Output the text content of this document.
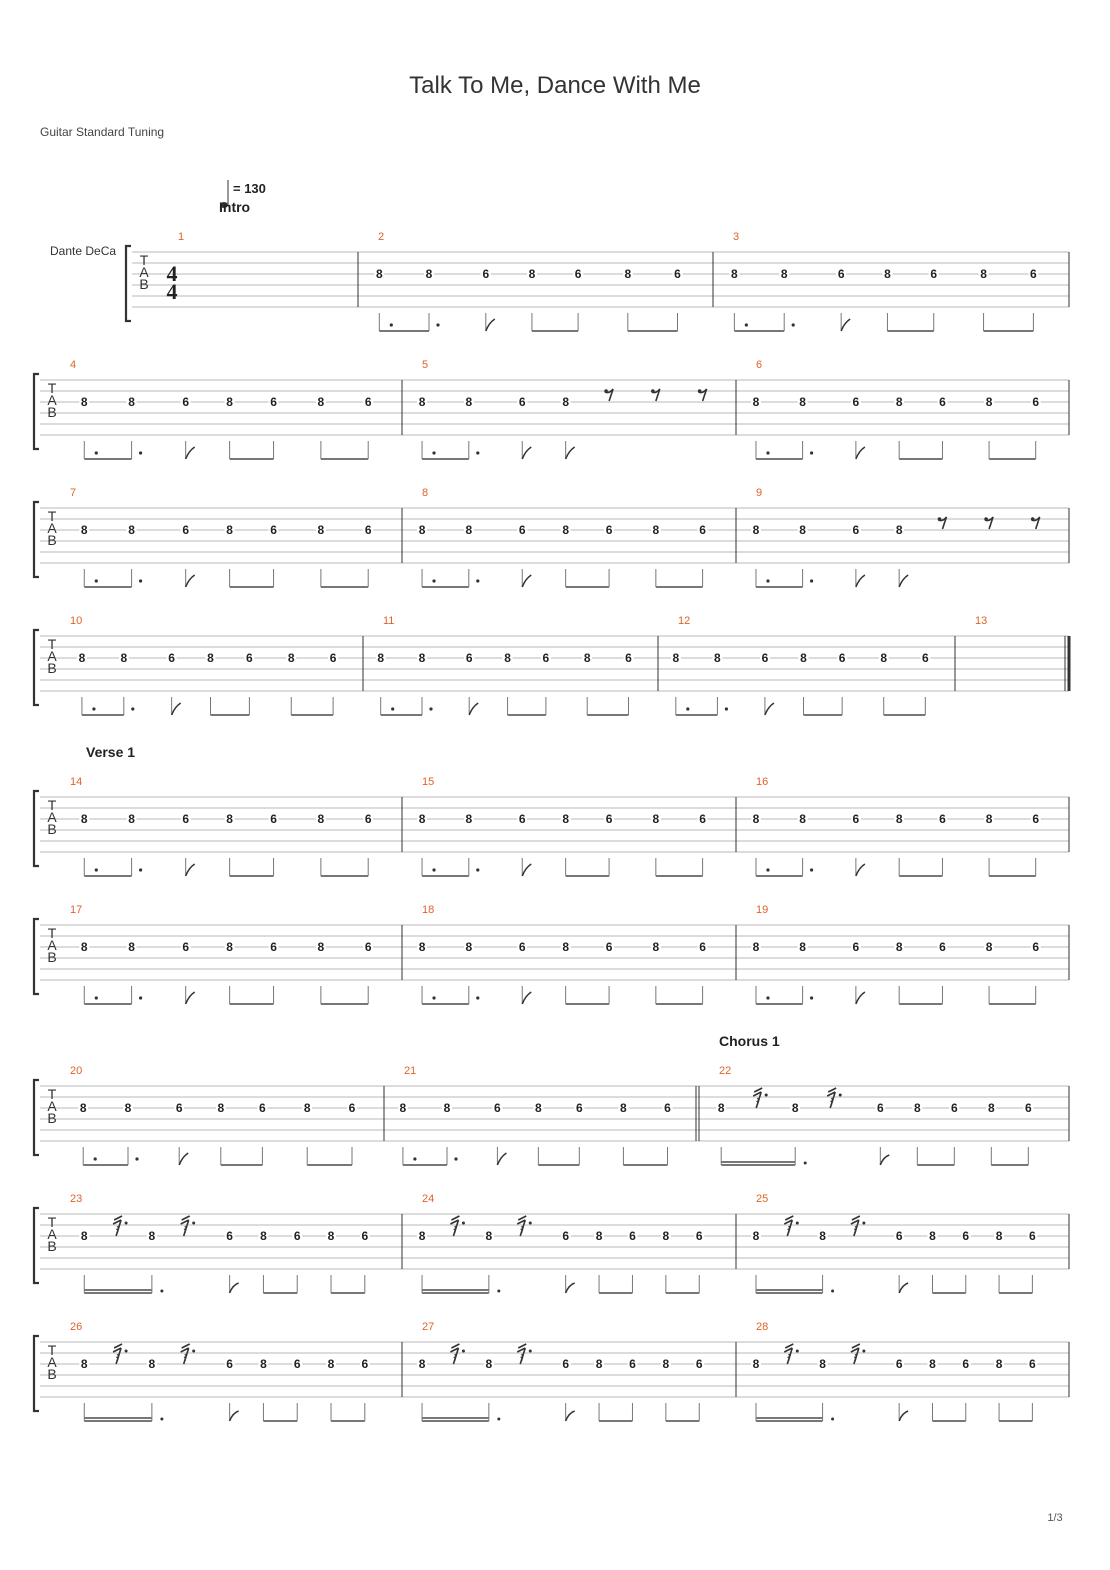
Talk To Me, Dance With Me
Guitar Standard Tuning
T
A
B
1	2
8	8	6	8	6	8	6
3
8	8	6	8	6	8	6
T
A
B
4
8	8	6	8	6	8	6
5
8	8	6	8
6
8	8	6	8	6	8	6
T
A
B
7
8	8	6	8	6	8	6
8
8	8	6	8	6	8	6
9
8	8	6	8
T
A
B
10
8	8	6	8	6	8	6
11
8	8	6	8	6	8	6
12
8	8	6	8	6	8	6
13
T
A
B
14
8	8	6	8	6	8	6
15
8	8	6	8	6	8	6
16
8	8	6	8	6	8	6
T
A
B
17
8	8	6	8	6	8	6
18
8	8	6	8	6	8	6
19
8	8	6	8	6	8	6
T
A
B
20
8	8	6	8	6	8	6
21
8	8	6	8	6	8	6
22
8	8	6	8	6	8	6
𝄿	𝄿
T
A
B
23
8	8	6 8 6 8 6
𝄿	𝄿
24
8	8	6 8 6 8 6
𝄿	𝄿
25
8	8	6 8 6 8 6
𝄿	𝄿
T
A
B
26
8	8	6 8 6 8 6
𝄿	𝄿
27
8	8	6 8 6 8 6
𝄿	𝄿
28
8	8	6 8 6 8 6
𝄿	𝄿
= 130
4
4
Dante DeCa
Intro
Verse 1
Chorus 1
1/3
